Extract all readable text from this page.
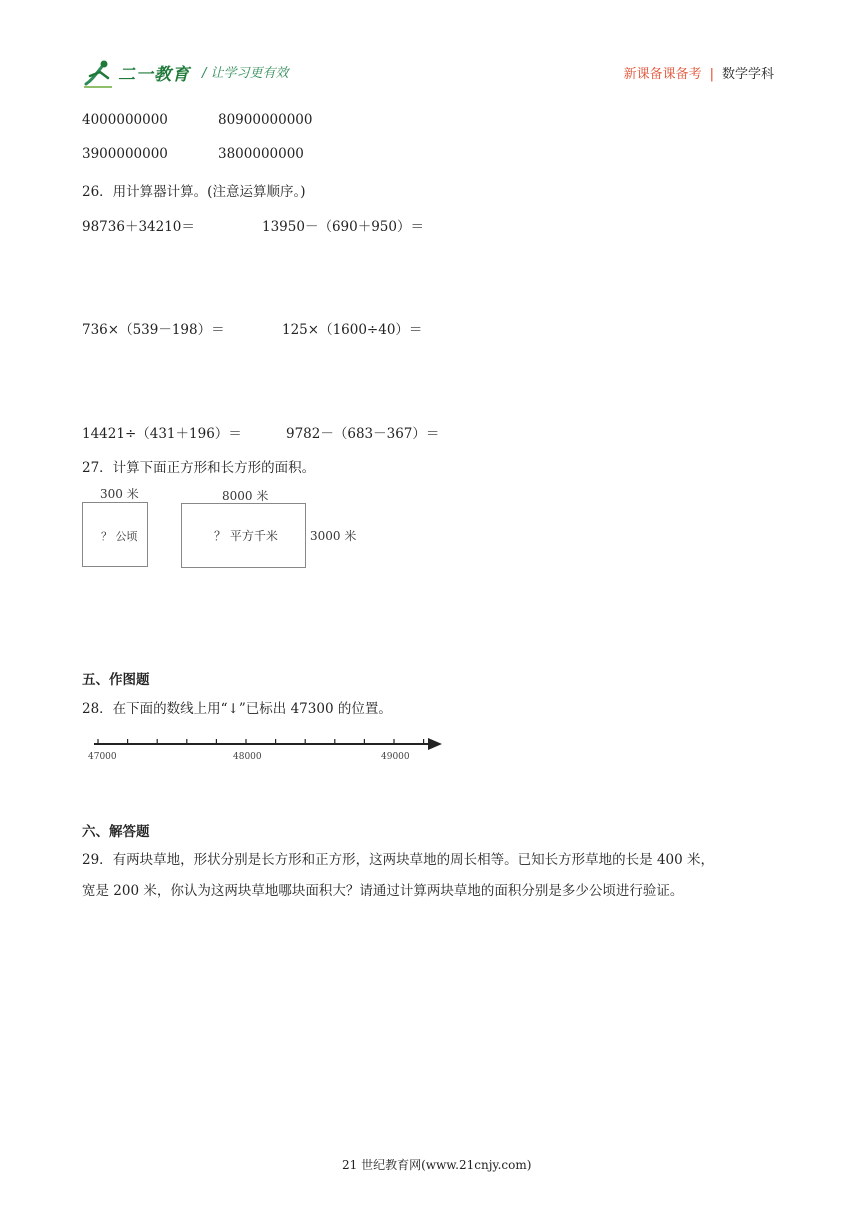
二一教育 / 让学习更有效	新课备课备考 | 数学学科
4000000000	80900000000
3900000000	3800000000
26．用计算器计算。(注意运算顺序。)
98736＋34210＝	13950－（690＋950）＝
736×（539－198）＝	125×（1600÷40）＝
14421÷（431＋196）＝	9782－（683－367）＝
27．计算下面正方形和长方形的面积。
300 米
？ 公顷
8000 米
？ 平方千米	3000 米
五、作图题
28．在下面的数线上用“↓”已标出 47300 的位置。
47000	48000	49000
六、解答题
29．有两块草地，形状分别是长方形和正方形，这两块草地的周长相等。已知长方形草地的长是 400 米，
宽是 200 米，你认为这两块草地哪块面积大？请通过计算两块草地的面积分别是多少公顷进行验证。
21 世纪教育网(www.21cnjy.com)
